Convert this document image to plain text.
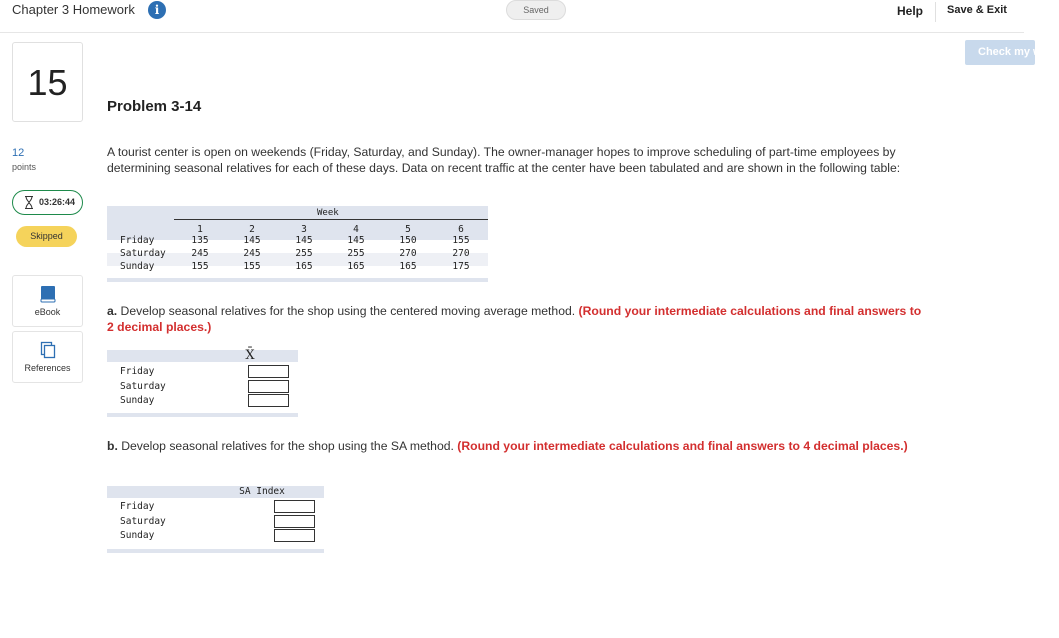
Chapter 3 Homework	i	Saved	Help Save & Exit
Check my work
15
12
points
03:26:44
Skipped
eBook
References
Problem 3-14
A tourist center is open on weekends (Friday, Saturday, and Sunday). The owner-manager hopes to improve scheduling of part-time employees by determining seasonal relatives for each of these days. Data on recent traffic at the center have been tabulated and are shown in the following table:
Week
1	2	3	4	5	6
Friday	135	145	145	145	150	155
Saturday	245	245	255	255	270	270
Sunday	155	155	165	165	165	175
a. Develop seasonal relatives for the shop using the centered moving average method. (Round your intermediate calculations and final answers to 2 decimal places.)
X̄
Friday
Saturday
Sunday
b. Develop seasonal relatives for the shop using the SA method. (Round your intermediate calculations and final answers to 4 decimal places.)
SA Index
Friday
Saturday
Sunday
